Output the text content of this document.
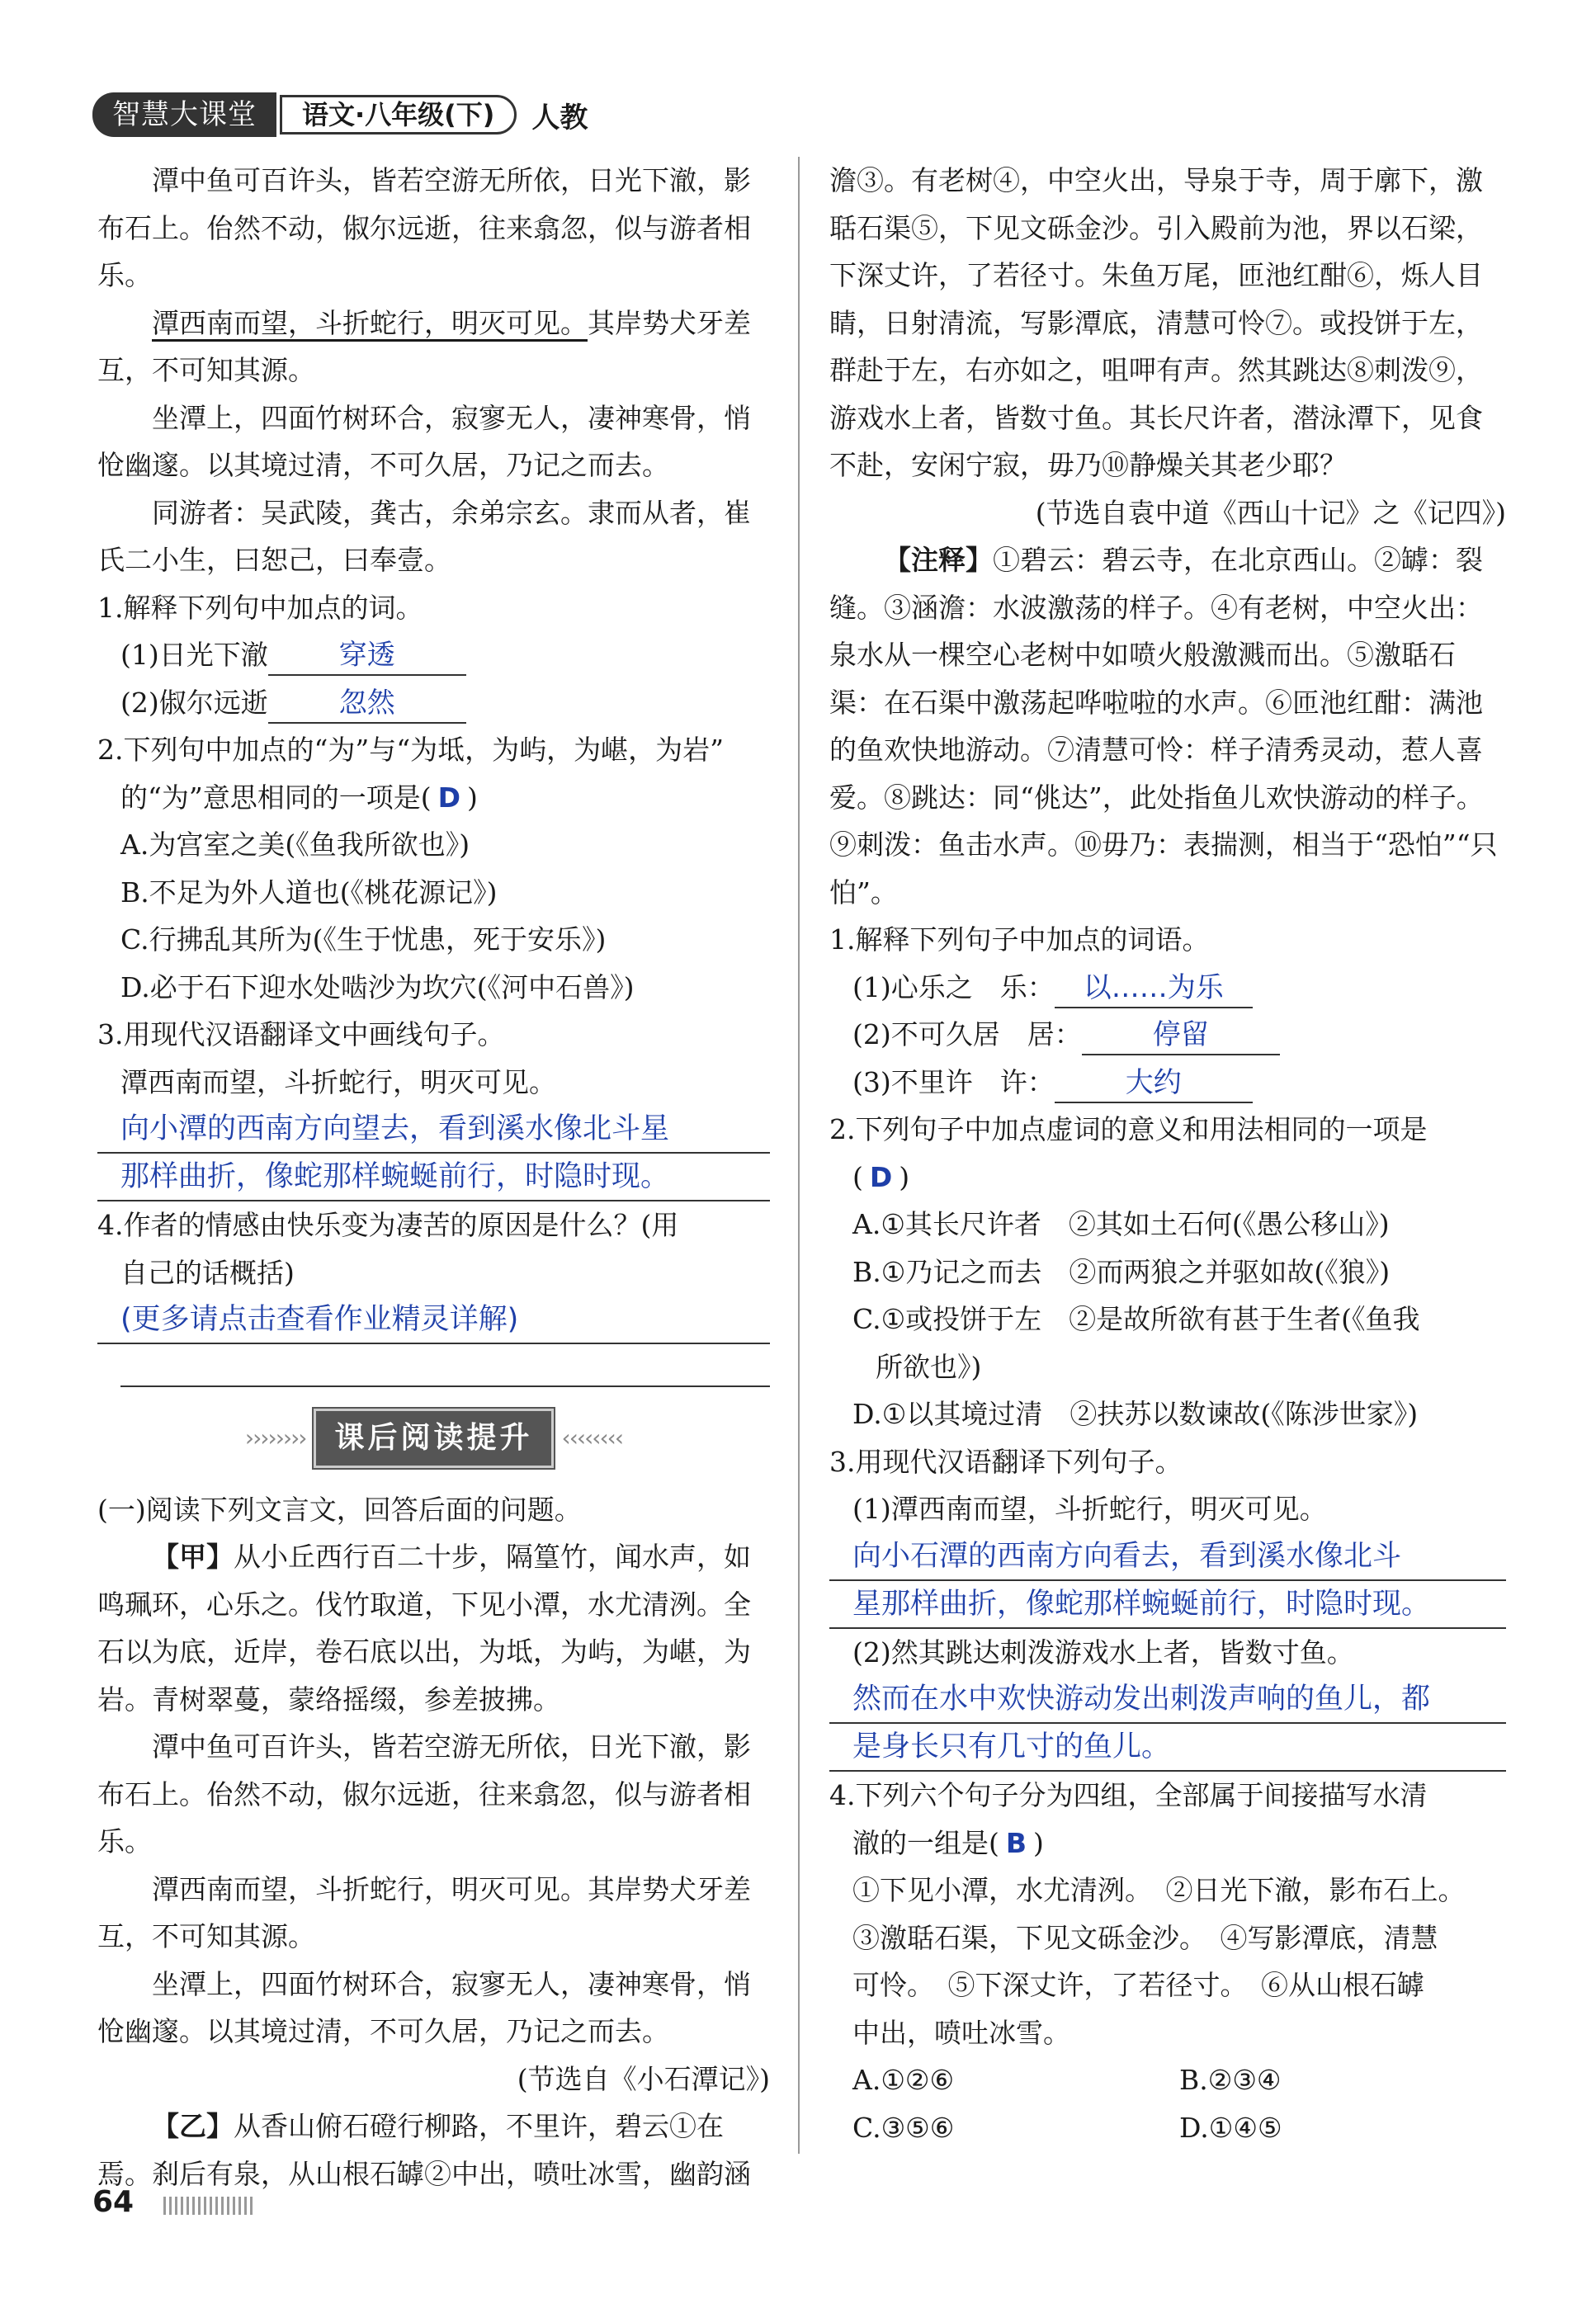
智慧大课堂	语文·八年级(下)	人教

潭中鱼可百许头，皆若空游无所依，日光下澈，影布石上。佁然不动，俶尔远逝，往来翕忽，似与游者相乐。

潭西南而望，斗折蛇行，明灭可见。其岸势犬牙差互，不可知其源。

坐潭上，四面竹树环合，寂寥无人，凄神寒骨，悄怆幽邃。以其境过清，不可久居，乃记之而去。

同游者：吴武陵，龚古，余弟宗玄。隶而从者，崔氏二小生，曰恕己，曰奉壹。

1.解释下列句中加点的词。

(1)日光下澈	穿透

(2)俶尔远逝	忽然

2.下列句中加点的“为”与“为坻，为屿，为嵁，为岩”

的“为”意思相同的一项是( D )

A.为宫室之美(《鱼我所欲也》)

B.不足为外人道也(《桃花源记》)

C.行拂乱其所为(《生于忧患，死于安乐》)

D.必于石下迎水处啮沙为坎穴(《河中石兽》)

3.用现代汉语翻译文中画线句子。

潭西南而望，斗折蛇行，明灭可见。

向小潭的西南方向望去，看到溪水像北斗星
那样曲折，像蛇那样蜿蜒前行，时隐时现。

4.作者的情感由快乐变为凄苦的原因是什么？(用

自己的话概括)

(更多请点击查看作业精灵详解)
›››››››› 课后阅读提升	‹‹‹‹‹‹‹‹

(一)阅读下列文言文，回答后面的问题。

【甲】从小丘西行百二十步，隔篁竹，闻水声，如鸣珮环，心乐之。伐竹取道，下见小潭，水尤清洌。全石以为底，近岸，卷石底以出，为坻，为屿，为嵁，为岩。青树翠蔓，蒙络摇缀，参差披拂。

潭中鱼可百许头，皆若空游无所依，日光下澈，影布石上。佁然不动，俶尔远逝，往来翕忽，似与游者相乐。

潭西南而望，斗折蛇行，明灭可见。其岸势犬牙差互，不可知其源。

坐潭上，四面竹树环合，寂寥无人，凄神寒骨，悄怆幽邃。以其境过清，不可久居，乃记之而去。

(节选自《小石潭记》)

【乙】从香山俯石磴行柳路，不里许，碧云①在焉。刹后有泉，从山根石罅②中出，喷吐冰雪，幽韵涵

澹③。有老树④，中空火出，导泉于寺，周于廓下，激聒石渠⑤，下见文砾金沙。引入殿前为池，界以石梁，下深丈许，了若径寸。朱鱼万尾，匝池红酣⑥，烁人目睛，日射清流，写影潭底，清慧可怜⑦。或投饼于左，群赴于左，右亦如之，咀呷有声。然其跳达⑧刺泼⑨，游戏水上者，皆数寸鱼。其长尺许者，潜泳潭下，见食不赴，安闲宁寂，毋乃⑩静燥关其老少耶？

(节选自袁中道《西山十记》之《记四》)

【注释】①碧云：碧云寺，在北京西山。②罅：裂缝。③涵澹：水波激荡的样子。④有老树，中空火出：泉水从一棵空心老树中如喷火般激溅而出。⑤激聒石渠：在石渠中激荡起哗啦啦的水声。⑥匝池红酣：满池的鱼欢快地游动。⑦清慧可怜：样子清秀灵动，惹人喜爱。⑧跳达：同“佻达”，此处指鱼儿欢快游动的样子。⑨刺泼：鱼击水声。⑩毋乃：表揣测，相当于“恐怕”“只怕”。

1.解释下列句子中加点的词语。

(1)心乐之　 乐： 以……为乐

(2)不可久居　 居：	停留

(3)不里许　 许：	大约

2.下列句子中加点虚词的意义和用法相同的一项是

( D )

A.①其长尺许者　②其如土石何(《愚公移山》)

B.①乃记之而去　②而两狼之并驱如故(《狼》)

C.①或投饼于左　②是故所欲有甚于生者(《鱼我

所欲也》)

D.①以其境过清　②扶苏以数谏故(《陈涉世家》)

3.用现代汉语翻译下列句子。

(1)潭西南而望，斗折蛇行，明灭可见。

向小石潭的西南方向看去，看到溪水像北斗
星那样曲折，像蛇那样蜿蜒前行，时隐时现。

(2)然其跳达刺泼游戏水上者，皆数寸鱼。

然而在水中欢快游动发出刺泼声响的鱼儿，都
是身长只有几寸的鱼儿。

4.下列六个句子分为四组，全部属于间接描写水清

澈的一组是( B )

①下见小潭，水尤清洌。　②日光下澈，影布石上。

③激聒石渠，下见文砾金沙。　④写影潭底，清慧

可怜。　⑤下深丈许，了若径寸。　⑥从山根石罅

中出，喷吐冰雪。

A.①②⑥	B.②③④
C.③⑤⑥	D.①④⑤
64
